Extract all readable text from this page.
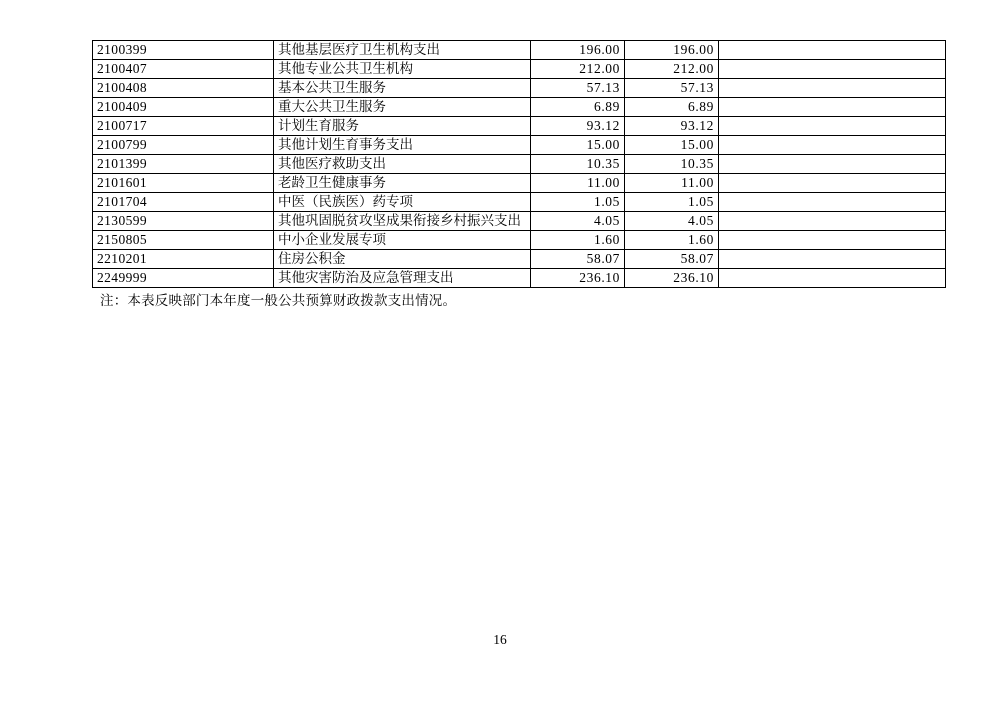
2100399	其他基层医疗卫生机构支出	196.00	196.00	
2100407	其他专业公共卫生机构	212.00	212.00	
2100408	基本公共卫生服务	57.13	57.13	
2100409	重大公共卫生服务	6.89	6.89	
2100717	计划生育服务	93.12	93.12	
2100799	其他计划生育事务支出	15.00	15.00	
2101399	其他医疗救助支出	10.35	10.35	
2101601	老龄卫生健康事务	11.00	11.00	
2101704	中医（民族医）药专项	1.05	1.05	
2130599	其他巩固脱贫攻坚成果衔接乡村振兴支出	4.05	4.05	
2150805	中小企业发展专项	1.60	1.60	
2210201	住房公积金	58.07	58.07	
2249999	其他灾害防治及应急管理支出	236.10	236.10	
注：本表反映部门本年度一般公共预算财政拨款支出情况。
16
